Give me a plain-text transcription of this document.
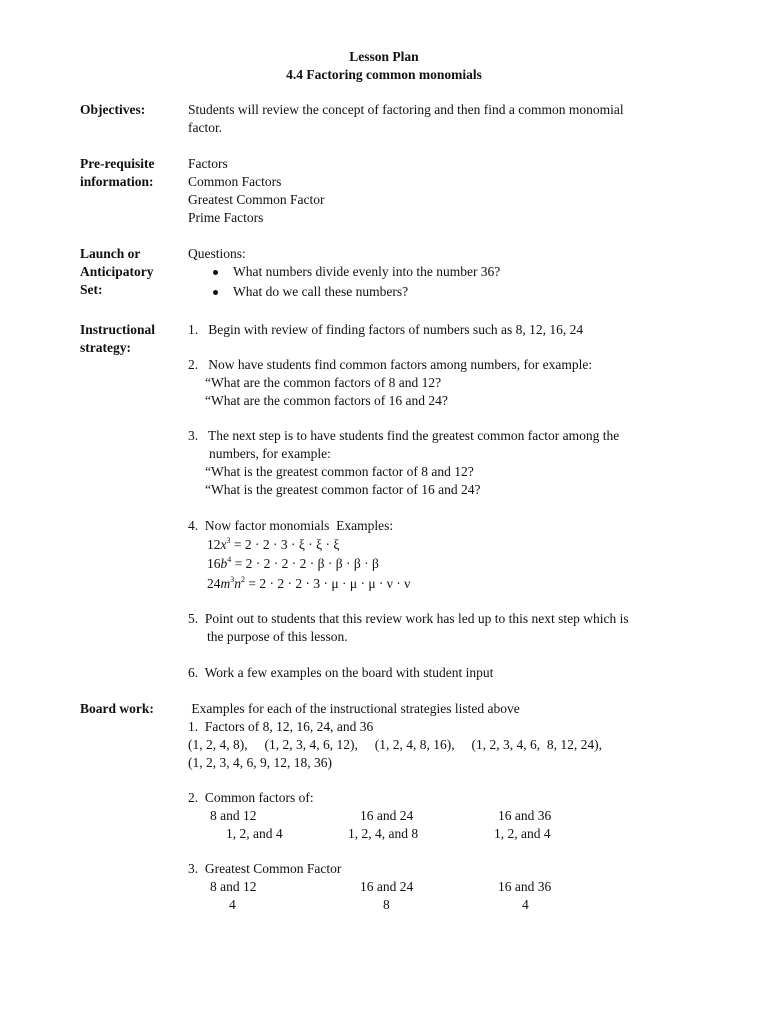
Lesson Plan
4.4 Factoring common monomials
Objectives:	Students will review the concept of factoring and then find a common monomial
factor.
Pre-requisite
information:
Factors
Common Factors
Greatest Common Factor
Prime Factors
Launch or
Anticipatory
Set:
Questions:
What numbers divide evenly into the number 36?
What do we call these numbers?
Instructional
strategy:
1.   Begin with review of finding factors of numbers such as 8, 12, 16, 24
2.   Now have students find common factors among numbers, for example:
“What are the common factors of 8 and 12?
“What are the common factors of 16 and 24?
3.   The next step is to have students find the greatest common factor among the
numbers, for example:
“What is the greatest common factor of 8 and 12?
“What is the greatest common factor of 16 and 24?
4.  Now factor monomials  Examples:
$12x^3 = 2 \cdot 2 \cdot 3 \cdot \xi \cdot \xi \cdot \xi$
$16b^4 = 2 \cdot 2 \cdot 2 \cdot 2 \cdot \beta \cdot \beta \cdot \beta \cdot \beta$
$24m^3n^2 = 2 \cdot 2 \cdot 2 \cdot 3 \cdot \mu \cdot \mu \cdot \mu \cdot \nu \cdot \nu$
5.  Point out to students that this review work has led up to this next step which is
the purpose of this lesson.
6.  Work a few examples on the board with student input
Board work:	Examples for each of the instructional strategies listed above
1.  Factors of 8, 12, 16, 24, and 36
(1, 2, 4, 8),     (1, 2, 3, 4, 6, 12),     (1, 2, 4, 8, 16),     (1, 2, 3, 4, 6,  8, 12, 24),
(1, 2, 3, 4, 6, 9, 12, 18, 36)
2.  Common factors of:
8 and 12	16 and 24	16 and 36
1, 2, and 4	1, 2, 4, and 8	1, 2, and 4
3.  Greatest Common Factor
8 and 12	16 and 24	16 and 36
4	8	4
